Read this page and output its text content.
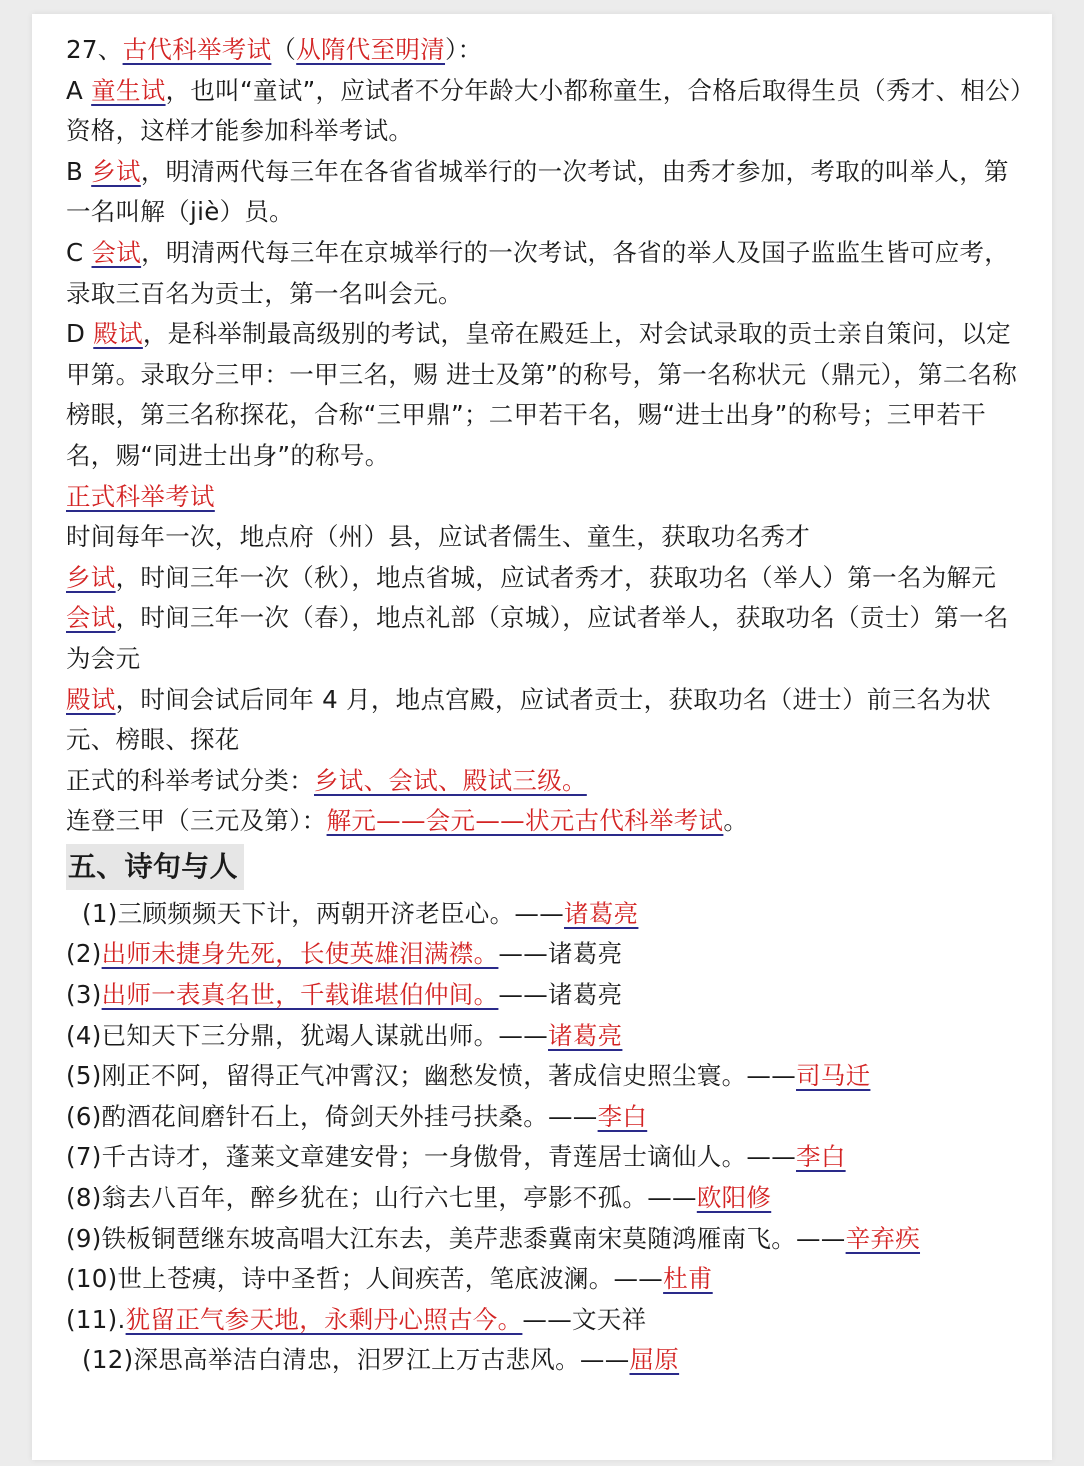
27、古代科举考试（从隋代至明清）：

A 童生试，也叫“童试”，应试者不分年龄大小都称童生，合格后取得生员（秀才、相公）资格，这样才能参加科举考试。

B 乡试，明清两代每三年在各省省城举行的一次考试，由秀才参加，考取的叫举人，第一名叫解（jiè）员。

C 会试，明清两代每三年在京城举行的一次考试，各省的举人及国子监监生皆可应考，录取三百名为贡士，第一名叫会元。

D 殿试，是科举制最高级别的考试，皇帝在殿廷上，对会试录取的贡士亲自策问，以定甲第。录取分三甲：一甲三名，赐 进士及第”的称号，第一名称状元（鼎元），第二名称榜眼，第三名称探花，合称“三甲鼎”；二甲若干名，赐“进士出身”的称号；三甲若干名，赐“同进士出身”的称号。

正式科举考试

时间每年一次，地点府（州）县，应试者儒生、童生，获取功名秀才

乡试，时间三年一次（秋），地点省城，应试者秀才，获取功名（举人）第一名为解元

会试，时间三年一次（春），地点礼部（京城），应试者举人，获取功名（贡士）第一名为会元

殿试，时间会试后同年 4 月，地点宫殿，应试者贡士，获取功名（进士）前三名为状元、榜眼、探花

正式的科举考试分类：乡试、会试、殿试三级。

连登三甲（三元及第）：解元——会元——状元古代科举考试。

五、诗句与人

(1)三顾频频天下计，两朝开济老臣心。——诸葛亮

(2)出师未捷身先死，长使英雄泪满襟。——诸葛亮

(3)出师一表真名世，千载谁堪伯仲间。——诸葛亮

(4)已知天下三分鼎，犹竭人谋就出师。——诸葛亮

(5)刚正不阿，留得正气冲霄汉；幽愁发愤，著成信史照尘寰。——司马迁

(6)酌酒花间磨针石上，倚剑天外挂弓扶桑。——李白

(7)千古诗才，蓬莱文章建安骨；一身傲骨，青莲居士谪仙人。——李白

(8)翁去八百年，醉乡犹在；山行六七里，亭影不孤。——欧阳修

(9)铁板铜琶继东坡高唱大江东去，美芹悲黍冀南宋莫随鸿雁南飞。——辛弃疾

(10)世上苍痍，诗中圣哲；人间疾苦，笔底波澜。——杜甫

(11).犹留正气参天地，永剩丹心照古今。——文天祥

(12)深思高举洁白清忠，汨罗江上万古悲风。——屈原
